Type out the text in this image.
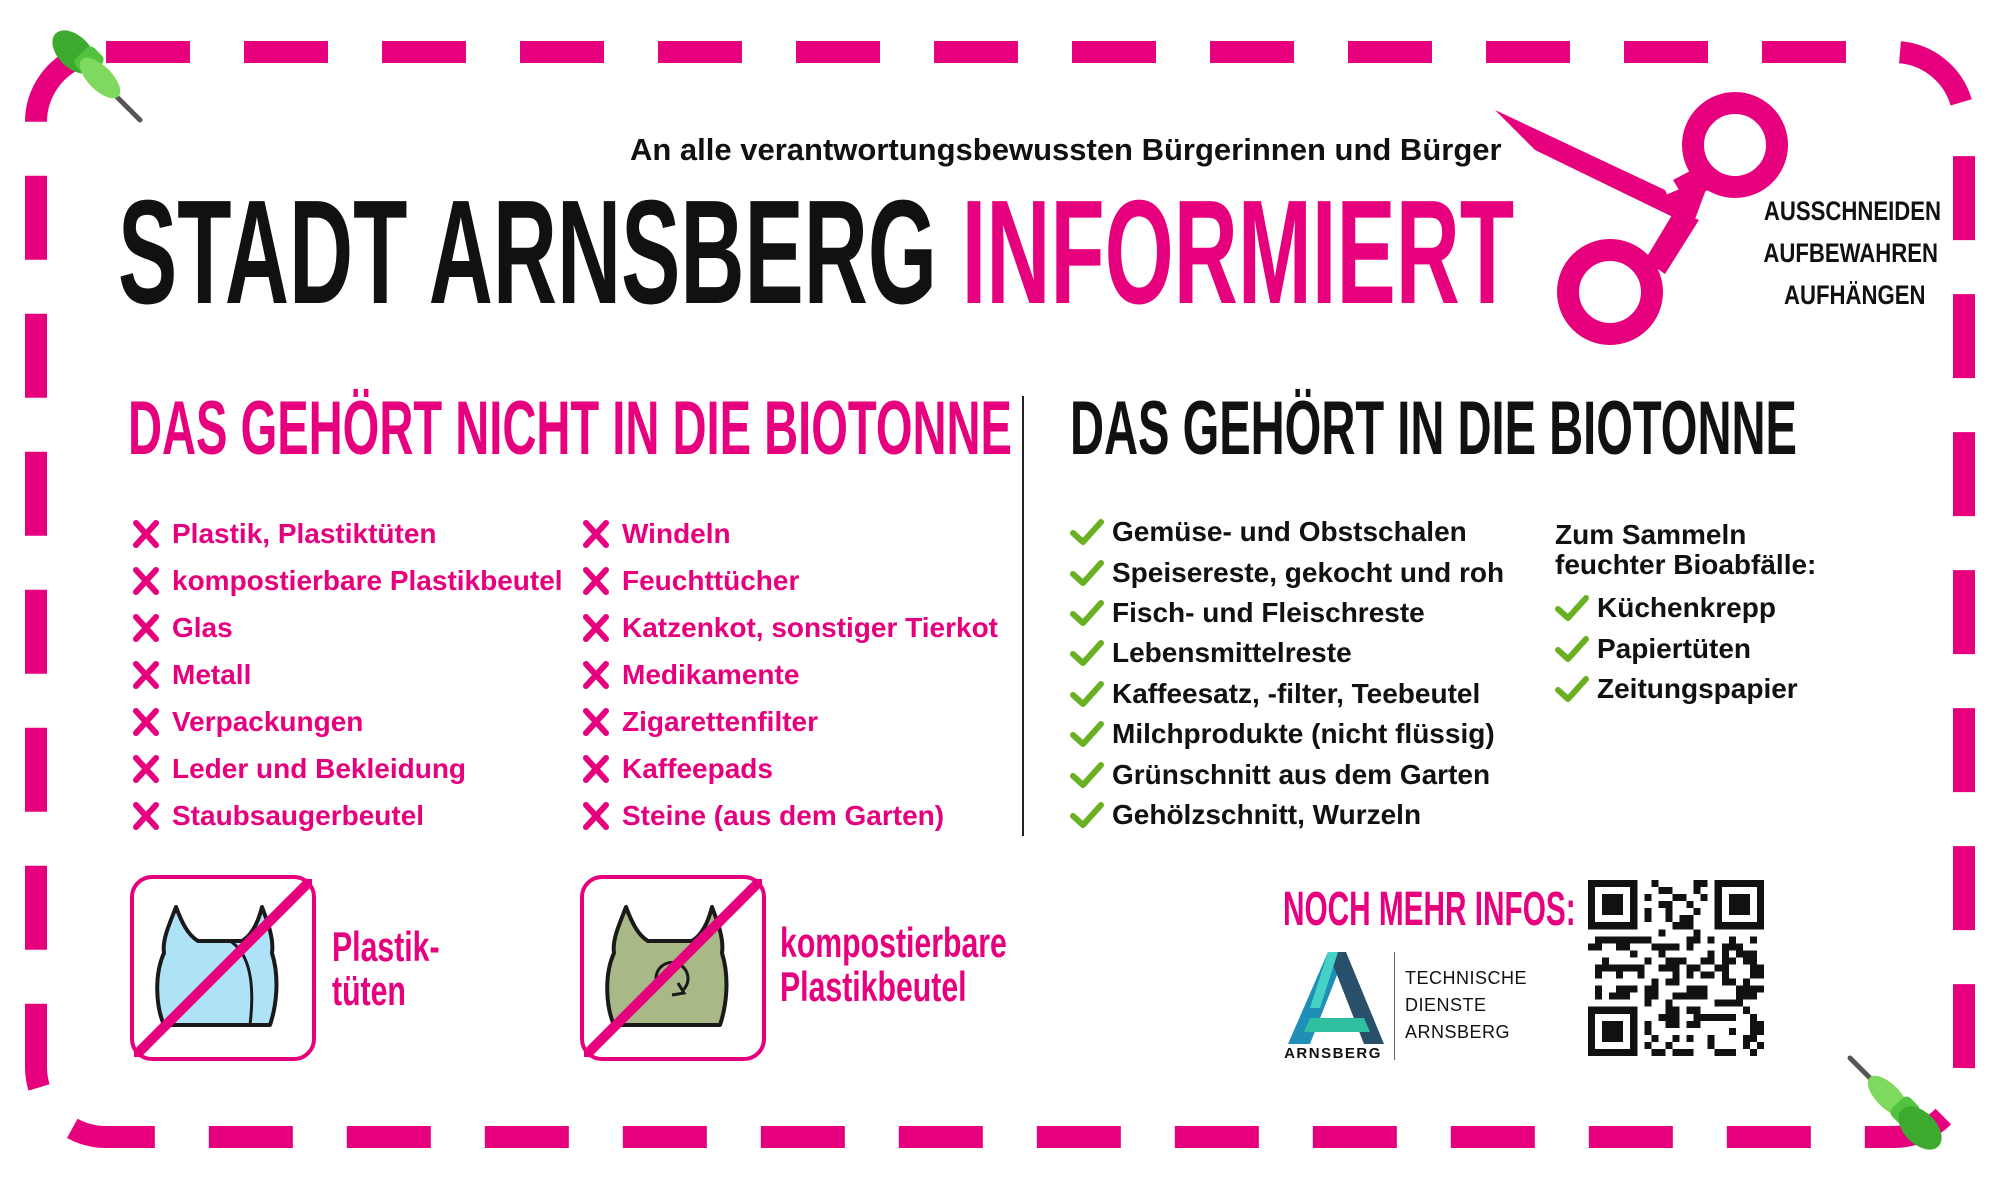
An alle verantwortungsbewussten Bürgerinnen und Bürger
STADT ARNSBERG INFORMIERT	AUSSCHNEIDEN
AUFBEWAHREN
AUFHÄNGEN
DAS GEHÖRT NICHT IN DIE BIOTONNE DAS GEHÖRT IN DIE BIOTONNE
Plastik, Plastiktüten
kompostierbare Plastikbeutel
Glas
Metall
Verpackungen
Leder und Bekleidung
Staubsaugerbeutel
Windeln
Feuchttücher
Katzenkot, sonstiger Tierkot
Medikamente
Zigarettenfilter
Kaffeepads
Steine (aus dem Garten)
Gemüse- und Obstschalen
Speisereste, gekocht und roh
Fisch- und Fleischreste
Lebensmittelreste
Kaffeesatz, -filter, Teebeutel
Milchprodukte (nicht flüssig)
Grünschnitt aus dem Garten
Gehölzschnitt, Wurzeln
Zum Sammeln
feuchter Bioabfälle:
Küchenkrepp
Papiertüten
Zeitungspapier
Plastik-
tüten
kompostierbare
Plastikbeutel
NOCH MEHR INFOS:
ARNSBERG
TECHNISCHE
DIENSTE
ARNSBERG
